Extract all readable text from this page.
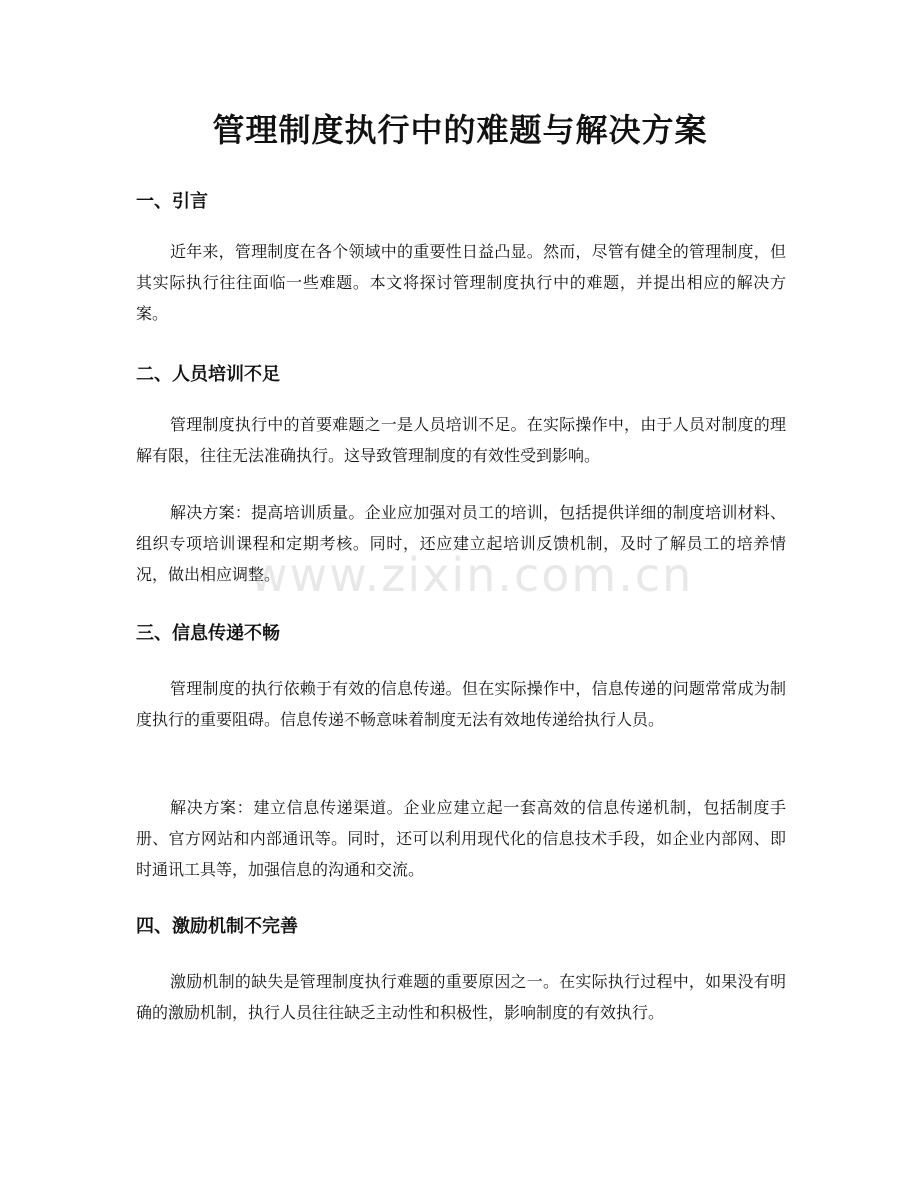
管理制度执行中的难题与解决方案
一、引言

近年来，管理制度在各个领域中的重要性日益凸显。然而，尽管有健全的管理制度，但其实际执行往往面临一些难题。本文将探讨管理制度执行中的难题，并提出相应的解决方案。

二、人员培训不足

管理制度执行中的首要难题之一是人员培训不足。在实际操作中，由于人员对制度的理解有限，往往无法准确执行。这导致管理制度的有效性受到影响。

解决方案：提高培训质量。企业应加强对员工的培训，包括提供详细的制度培训材料、组织专项培训课程和定期考核。同时，还应建立起培训反馈机制，及时了解员工的培养情况，做出相应调整。

三、信息传递不畅

管理制度的执行依赖于有效的信息传递。但在实际操作中，信息传递的问题常常成为制度执行的重要阻碍。信息传递不畅意味着制度无法有效地传递给执行人员。

解决方案：建立信息传递渠道。企业应建立起一套高效的信息传递机制，包括制度手册、官方网站和内部通讯等。同时，还可以利用现代化的信息技术手段，如企业内部网、即时通讯工具等，加强信息的沟通和交流。

四、激励机制不完善

激励机制的缺失是管理制度执行难题的重要原因之一。在实际执行过程中，如果没有明确的激励机制，执行人员往往缺乏主动性和积极性，影响制度的有效执行。

www.zixin.com.cn
